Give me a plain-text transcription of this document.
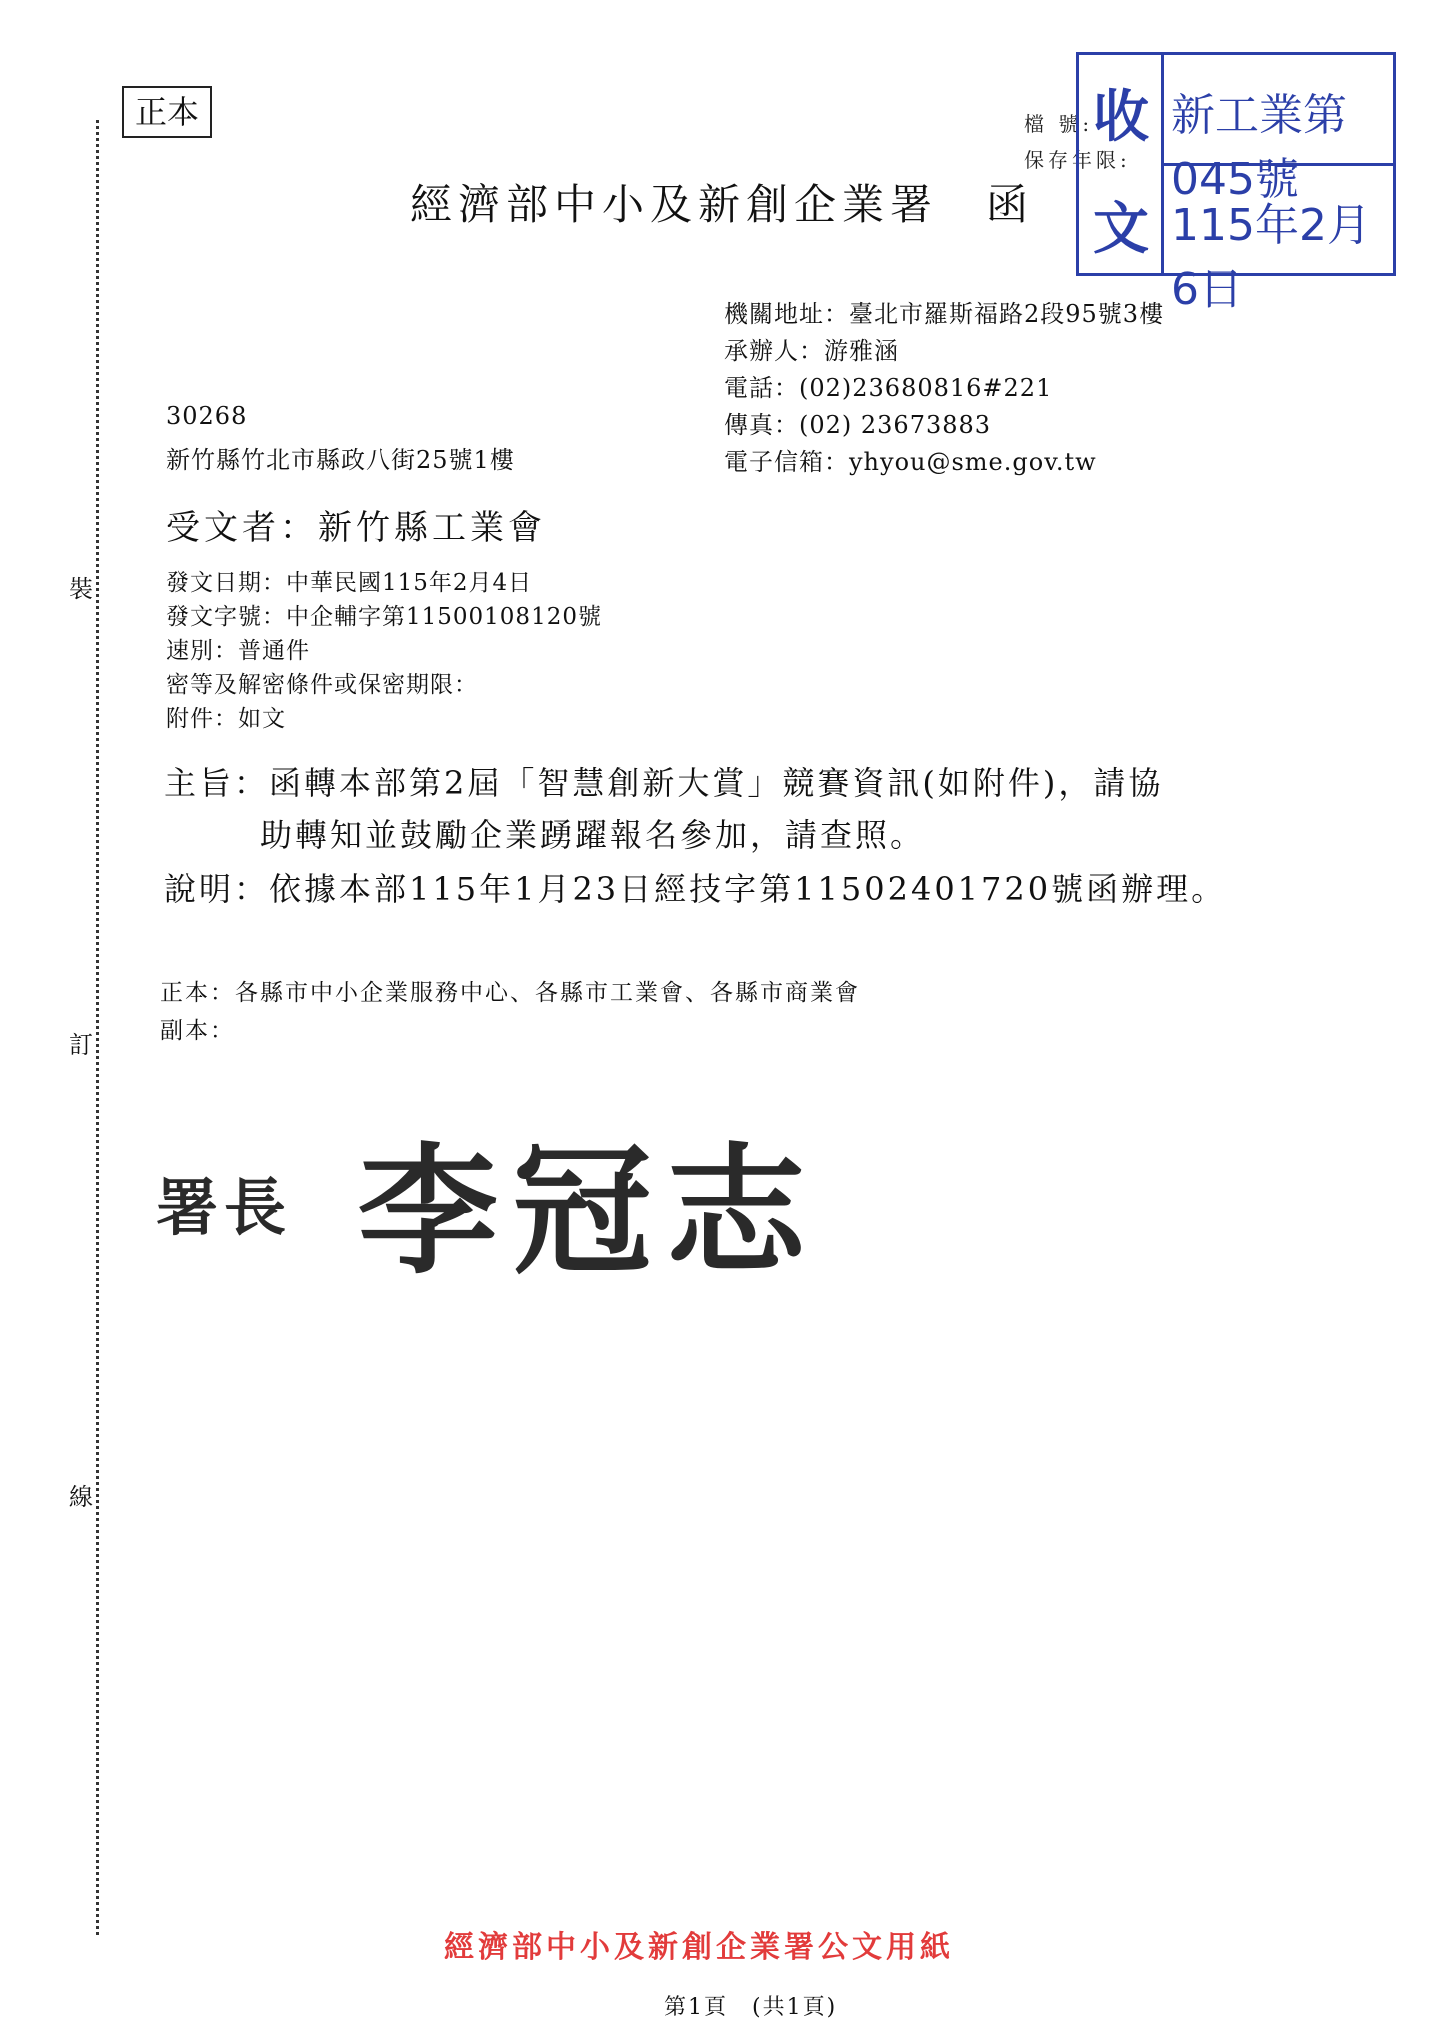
裝
訂
線
正本	檔 號:
保存年限:
收
文
新工業第045號
115年2月6日
經濟部中小及新創企業署　函
機關地址：臺北市羅斯福路2段95號3樓
承辦人：游雅涵
電話：(02)23680816#221
傳真：(02) 23673883
電子信箱：yhyou@sme.gov.tw
30268
新竹縣竹北市縣政八街25號1樓
受文者：新竹縣工業會
發文日期：中華民國115年2月4日
發文字號：中企輔字第11500108120號
速別：普通件
密等及解密條件或保密期限：
附件：如文
主旨：函轉本部第2屆「智慧創新大賞」競賽資訊(如附件)，請協
助轉知並鼓勵企業踴躍報名參加，請查照。
說明：依據本部115年1月23日經技字第11502401720號函辦理。
正本：各縣市中小企業服務中心、各縣市工業會、各縣市商業會
副本：
署長 李冠志
經濟部中小及新創企業署公文用紙
第1頁　(共1頁)
